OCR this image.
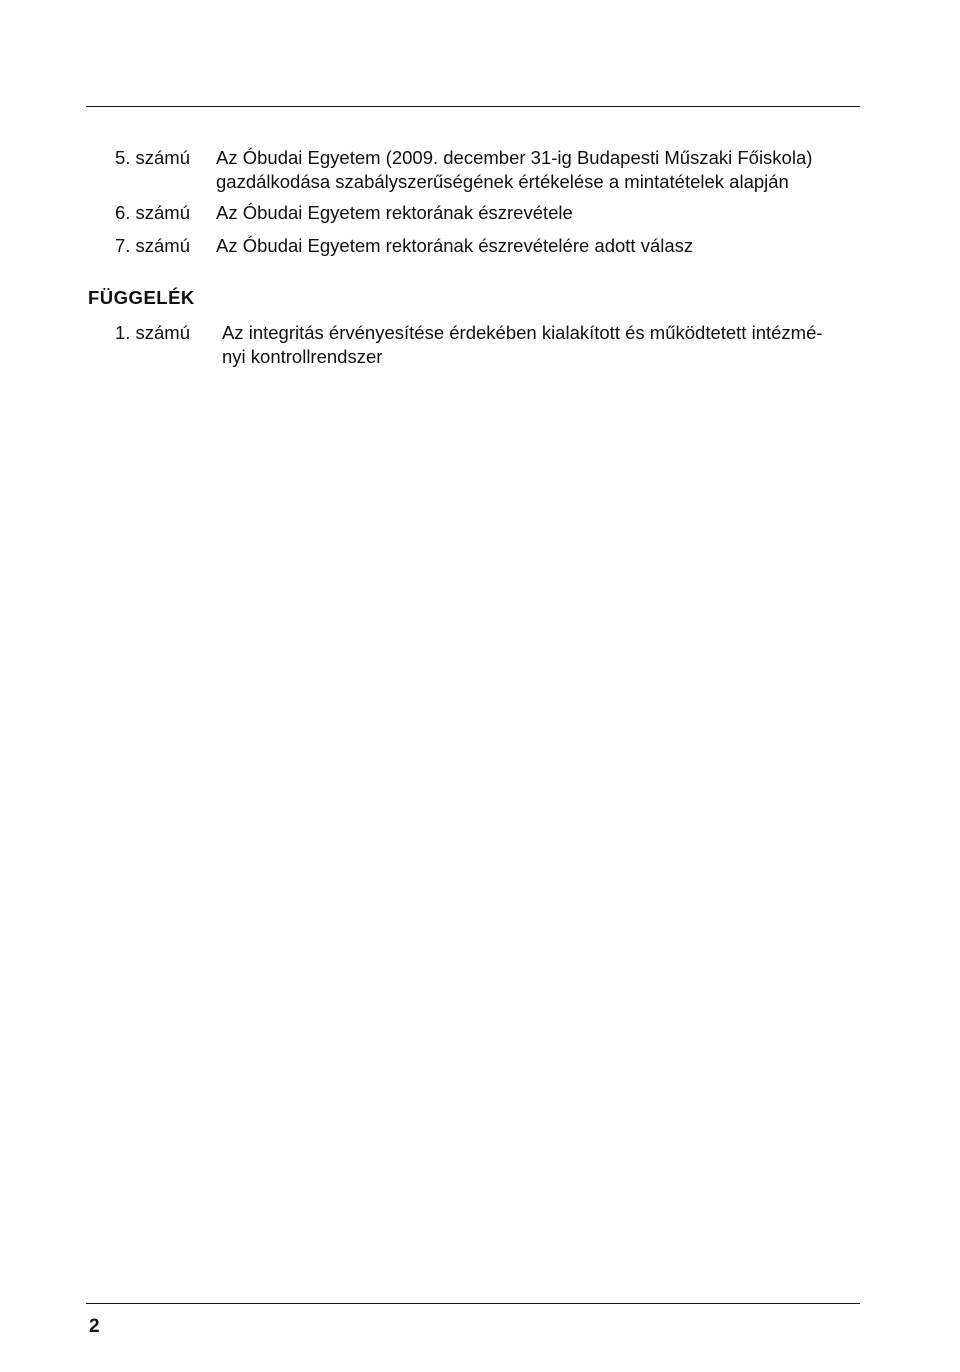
5. számú Az Óbudai Egyetem (2009. december 31-ig Budapesti Műszaki Főiskola) gazdálkodása szabályszerűségének értékelése a mintatételek alapján
6. számú Az Óbudai Egyetem rektorának észrevétele
7. számú Az Óbudai Egyetem rektorának észrevételére adott válasz
FÜGGELÉK
1. számú Az integritás érvényesítése érdekében kialakított és működtetett intézmé-
nyi kontrollrendszer
2
